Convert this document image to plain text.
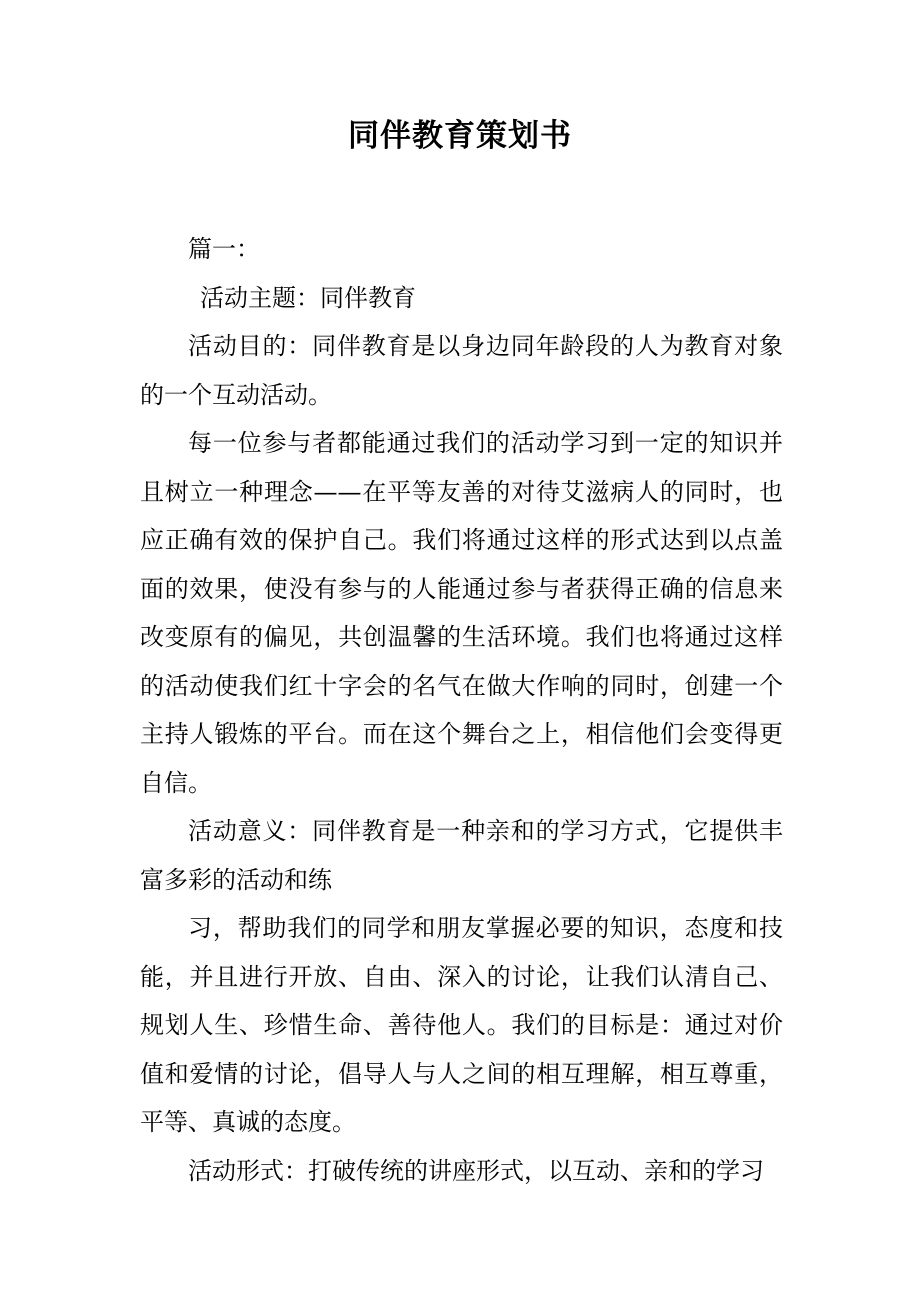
同伴教育策划书

篇一：

活动主题：同伴教育

活动目的：同伴教育是以身边同年龄段的人为教育对象的一个互动活动。

每一位参与者都能通过我们的活动学习到一定的知识并且树立一种理念——在平等友善的对待艾滋病人的同时，也应正确有效的保护自己。我们将通过这样的形式达到以点盖面的效果，使没有参与的人能通过参与者获得正确的信息来改变原有的偏见，共创温馨的生活环境。我们也将通过这样的活动使我们红十字会的名气在做大作响的同时，创建一个主持人锻炼的平台。而在这个舞台之上，相信他们会变得更自信。

活动意义：同伴教育是一种亲和的学习方式，它提供丰富多彩的活动和练

习，帮助我们的同学和朋友掌握必要的知识，态度和技能，并且进行开放、自由、深入的讨论，让我们认清自己、规划人生、珍惜生命、善待他人。我们的目标是：通过对价值和爱情的讨论，倡导人与人之间的相互理解，相互尊重，平等、真诚的态度。

活动形式：打破传统的讲座形式，以互动、亲和的学习
